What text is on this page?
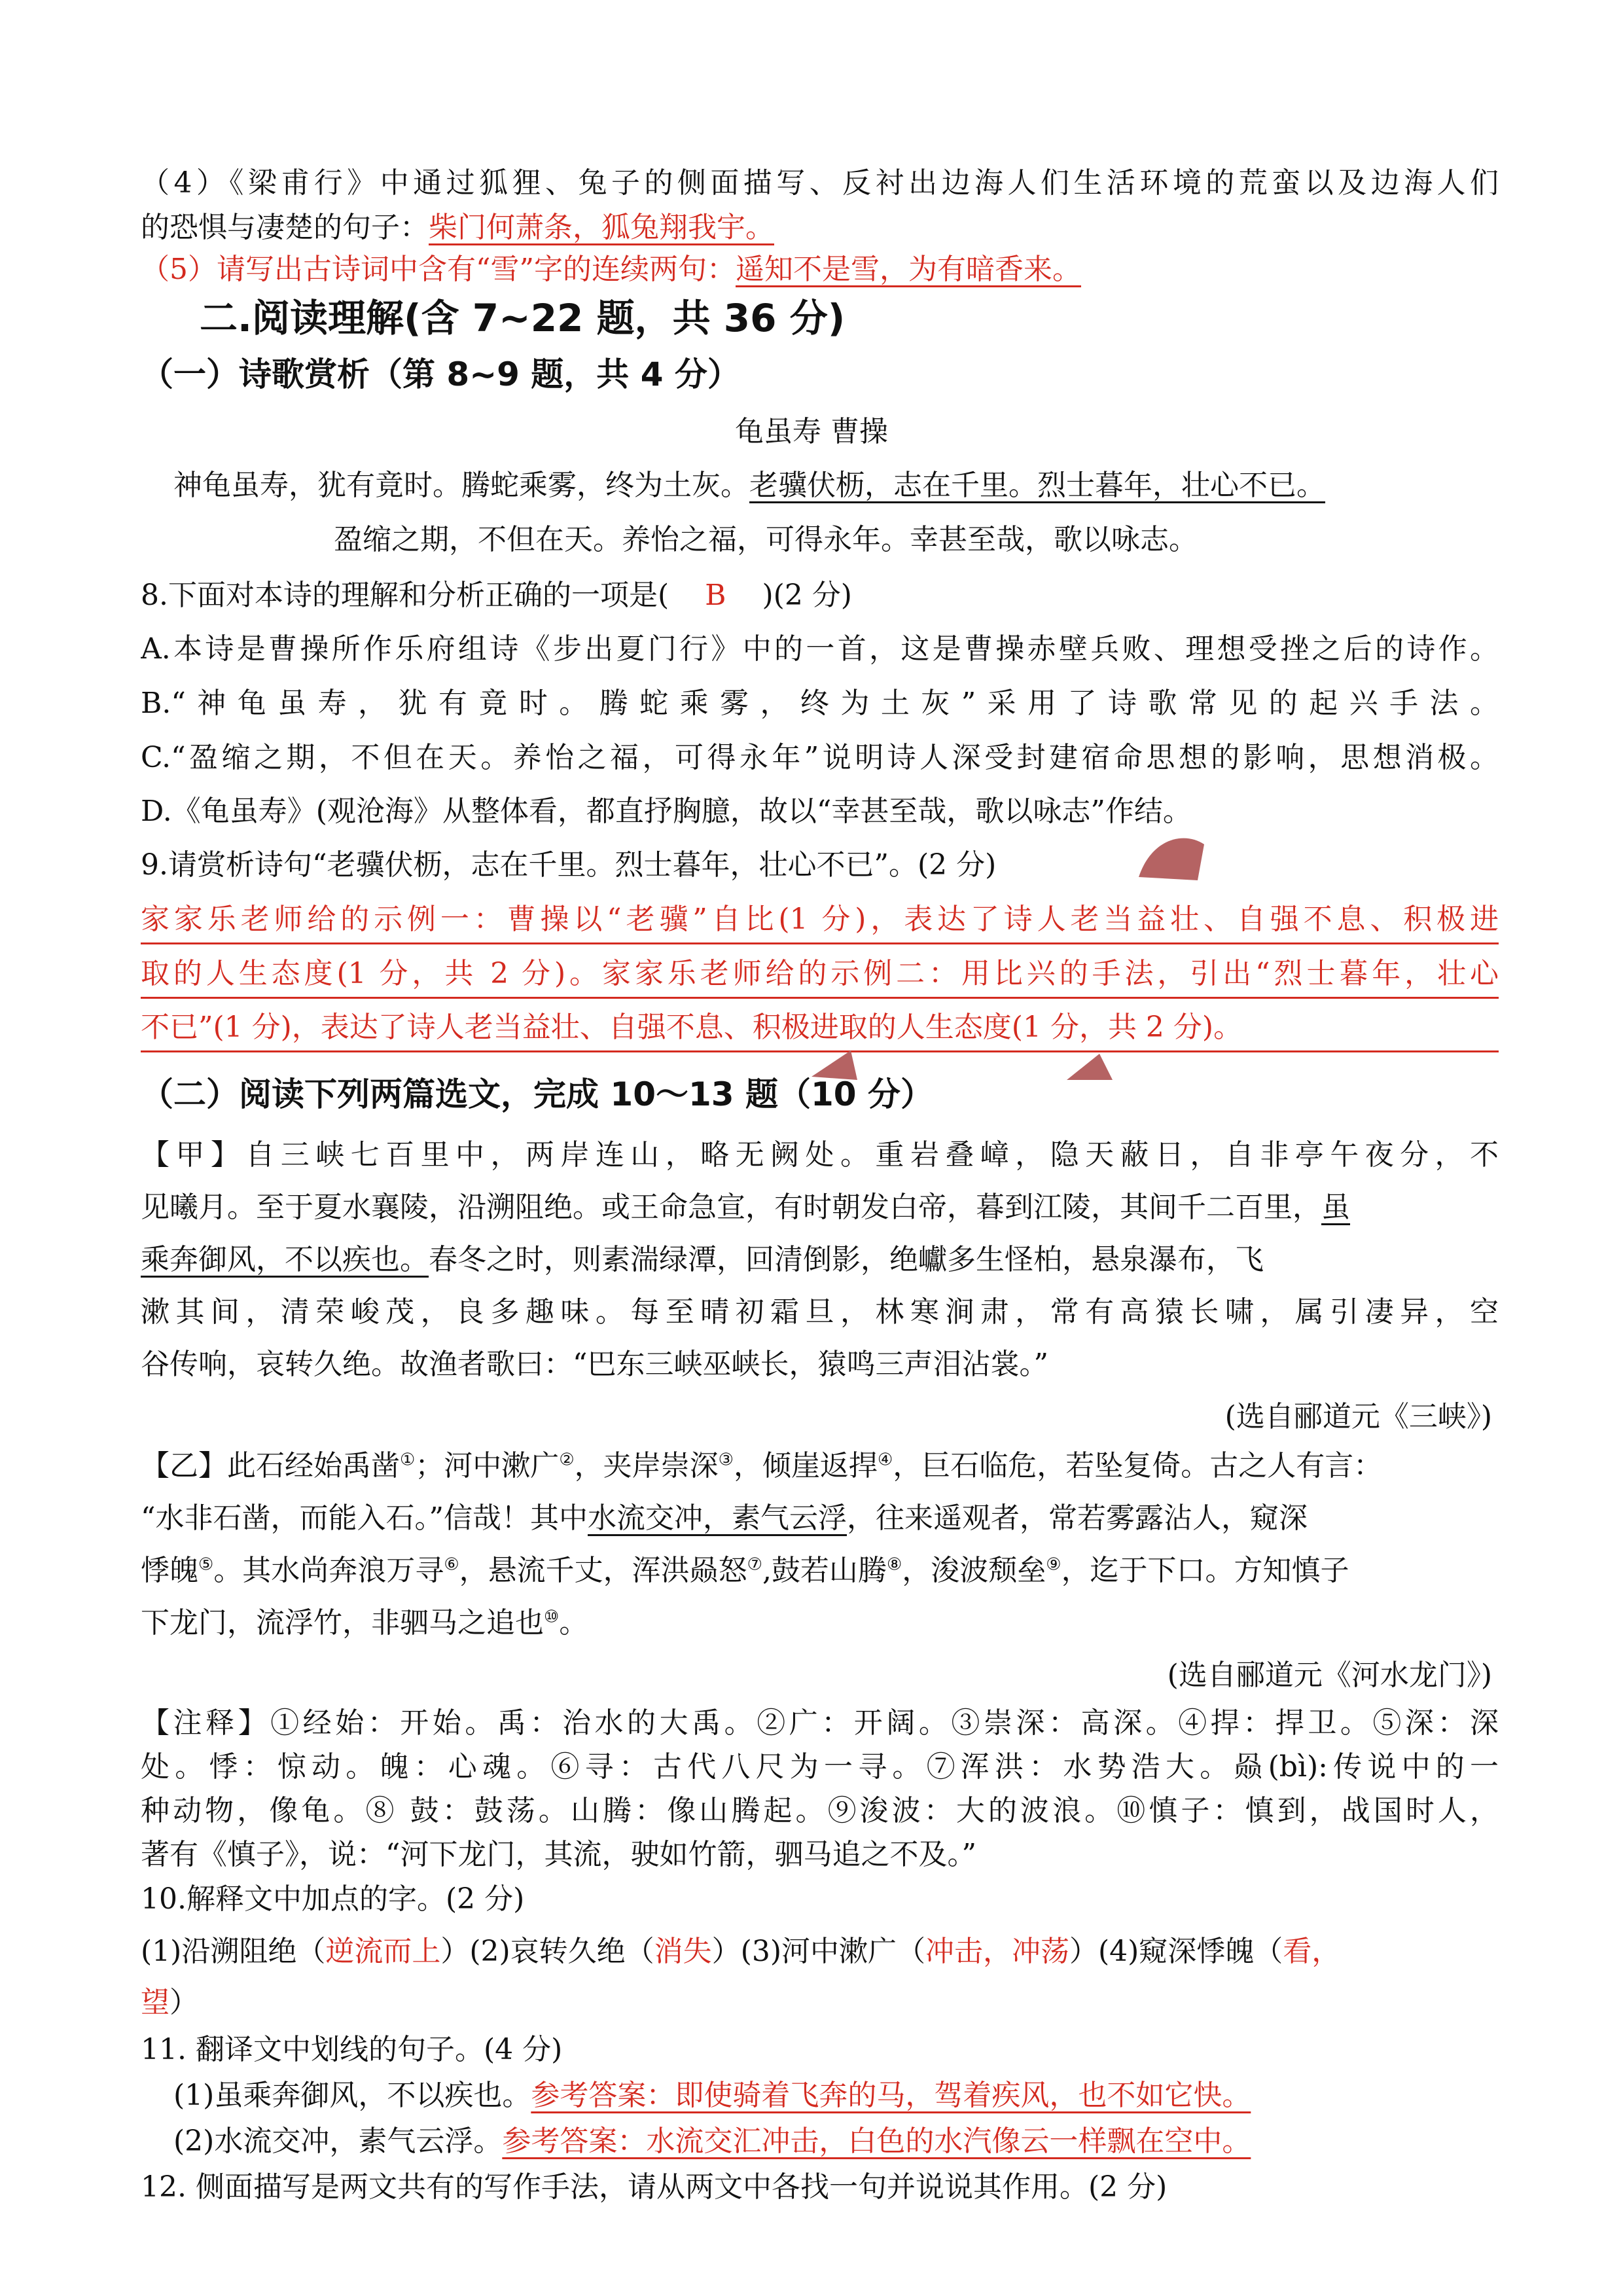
（4）《梁甫行》中通过狐狸、兔子的侧面描写、反衬出边海人们生活环境的荒蛮以及边海人们
的恐惧与凄楚的句子：柴门何萧条，狐兔翔我宇。
（5）请写出古诗词中含有“雪”字的连续两句：遥知不是雪，为有暗香来。
二.阅读理解(含 7~22 题，共 36 分)
（一）诗歌赏析（第 8~9 题，共 4 分）
龟虽寿 曹操
神龟虽寿，犹有竟时。腾蛇乘雾，终为土灰。老骥伏枥，志在千里。烈士暮年，壮心不已。
盈缩之期，不但在天。养怡之福，可得永年。幸甚至哉，歌以咏志。
8.下面对本诗的理解和分析正确的一项是( B )(2 分)
A.本诗是曹操所作乐府组诗《步出夏门行》中的一首，这是曹操赤壁兵败、理想受挫之后的诗作。
B.“神龟虽寿，犹有竟时。腾蛇乘雾，终为土灰”采用了诗歌常见的起兴手法。
C.“盈缩之期，不但在天。养怡之福，可得永年”说明诗人深受封建宿命思想的影响，思想消极。
D.《龟虽寿》(观沧海》从整体看，都直抒胸臆，故以“幸甚至哉，歌以咏志”作结。
9.请赏析诗句“老骥伏枥，志在千里。烈士暮年，壮心不已”。(2 分)
家家乐老师给的示例一：曹操以“老骥”自比(1 分)，表达了诗人老当益壮、自强不息、积极进
取的人生态度(1 分，共 2 分)。家家乐老师给的示例二：用比兴的手法，引出“烈士暮年，壮心
不已”(1 分)，表达了诗人老当益壮、自强不息、积极进取的人生态度(1 分，共 2 分)。
（二）阅读下列两篇选文，完成 10～13 题（10 分）
【甲】自三峡七百里中，两岸连山，略无阙处。重岩叠嶂，隐天蔽日，自非亭午夜分，不
见曦月。至于夏水襄陵，沿溯阻绝。或王命急宣，有时朝发白帝，暮到江陵，其间千二百里，虽
乘奔御风，不以疾也。春冬之时，则素湍绿潭，回清倒影，绝巘多生怪柏，悬泉瀑布，飞
漱其间，清荣峻茂，良多趣味。每至晴初霜旦，林寒涧肃，常有高猿长啸，属引凄异，空
谷传响，哀转久绝。故渔者歌曰：“巴东三峡巫峡长，猿鸣三声泪沾裳。”
(选自郦道元《三峡》)
【乙】此石经始禹凿①；河中漱广②，夹岸崇深③，倾崖返捍④，巨石临危，若坠复倚。古之人有言：
“水非石凿，而能入石。”信哉！其中水流交冲，素气云浮，往来遥观者，常若雾露沾人，窥深
悸魄⑤。其水尚奔浪万寻⑥，悬流千丈，浑洪赑怒⑦,鼓若山腾⑧，浚波颓垒⑨，迄于下口。方知慎子
下龙门，流浮竹，非驷马之追也⑩。
(选自郦道元《河水龙门》)
【注释】①经始：开始。禹：治水的大禹。②广：开阔。③崇深：高深。④捍：捍卫。⑤深：深
处。悸：惊动。魄：心魂。⑥寻：古代八尺为一寻。⑦浑洪：水势浩大。赑(bì):传说中的一
种动物，像龟。⑧ 鼓：鼓荡。山腾：像山腾起。⑨浚波：大的波浪。⑩慎子：慎到，战国时人，
著有《慎子》，说：“河下龙门，其流，驶如竹箭，驷马追之不及。”
10.解释文中加点的字。(2 分)
(1)沿溯阻绝（逆流而上）(2)哀转久绝（消失）(3)河中漱广（冲击，冲荡）(4)窥深悸魄（看，
望）
11. 翻译文中划线的句子。(4 分)
(1)虽乘奔御风，不以疾也。参考答案：即使骑着飞奔的马，驾着疾风，也不如它快。
(2)水流交冲，素气云浮。参考答案：水流交汇冲击，白色的水汽像云一样飘在空中。
12. 侧面描写是两文共有的写作手法，请从两文中各找一句并说说其作用。(2 分)
